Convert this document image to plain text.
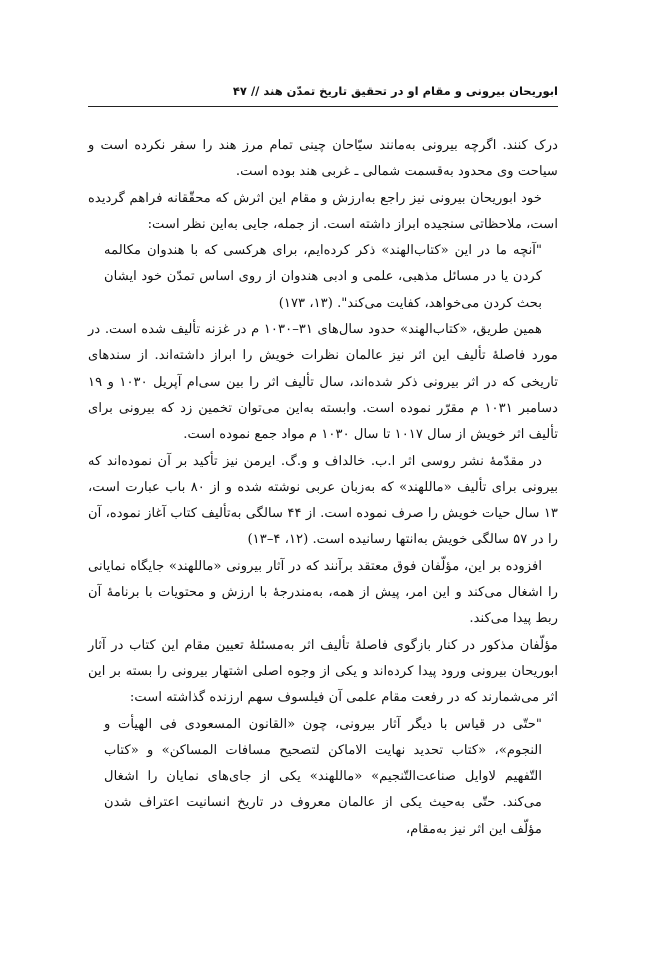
ابوریحان بیرونی و مقام او در تحقیق تاریخ تمدّن هند // ۴۷

درک کنند. اگرچه بیرونی به‌مانند سیّاحان چینی تمام مرز هند را سفر نکرده است و سیاحت وی محدود به‌قسمت شمالی ـ غربی هند بوده است.

خود ابوریحان بیرونی نیز راجع به‌ارزش و مقام این اثرش که محقّقانه فراهم گردیده است، ملاحظاتی سنجیده ابراز داشته است. از جمله، جایی به‌این نظر است:

"آنچه ما در این «کتاب‌الهند» ذکر کرده‌ایم، برای هرکسی که با هندوان مکالمه کردن یا در مسائل مذهبی، علمی و ادبی هندوان از روی اساس تمدّن خود ایشان بحث کردن می‌خواهد، کفایت می‌کند". (۱۳، ۱۷۳)

همین طریق، «کتاب‌الهند» حدود سال‌های ۳۱–۱۰۳۰ م در غزنه تألیف شده است. در مورد فاصلهٔ تألیف این اثر نیز عالمان نظرات خویش را ابراز داشته‌اند. از سندهای تاریخی که در اثر بیرونی ذکر شده‌اند، سال تألیف اثر را بین سی‌ام آپریل ۱۰۳۰ و ۱۹ دسامبر ۱۰۳۱ م مقرّر نموده است. وابسته به‌این می‌توان تخمین زد که بیرونی برای تألیف اثر خویش از سال ۱۰۱۷ تا سال ۱۰۳۰ م مواد جمع نموده است.

در مقدّمهٔ نشر روسی اثر ا.ب. خالداف و و.گ. ایرمن نیز تأکید بر آن نموده‌اند که بیرونی برای تألیف «ماللهند» که به‌زبان عربی نوشته شده و از ۸۰ باب عبارت است، ۱۳ سال حیات خویش را صرف نموده است. از ۴۴ سالگی به‌تألیف کتاب آغاز نموده، آن را در ۵۷ سالگی خویش به‌انتها رسانیده است. (۱۲، ۴–۱۳)

افزوده بر این، مؤلّفان فوق معتقد برآنند که در آثار بیرونی «ماللهند» جایگاه نمایانی را اشغال می‌کند و این امر، پیش از همه، به‌مندرجهٔ با ارزش و محتویات با برنامهٔ آن ربط پیدا می‌کند.

مؤلّفان مذکور در کنار بازگوی فاصلهٔ تألیف اثر به‌مسئلهٔ تعیین مقام این کتاب در آثار ابوریحان بیرونی ورود پیدا کرده‌اند و یکی از وجوه اصلی اشتهار بیرونی را بسته بر این اثر می‌شمارند که در رفعت مقام علمی آن فیلسوف سهم ارزنده گذاشته است:

"حتّی در قیاس با دیگر آثار بیرونی، چون «القانون المسعودی فی الهیأت و النجوم»، «کتاب تحدید نهایت الاماکن لتصحیح مسافات المساکن» و «کتاب التّفهیم لاوایل صناعت‌التّنجیم» «ماللهند» یکی از جای‌های نمایان را اشغال می‌کند. حتّی به‌حیث یکی از عالمان معروف در تاریخ انسانیت اعتراف شدن مؤلّف این اثر نیز به‌مقام،
